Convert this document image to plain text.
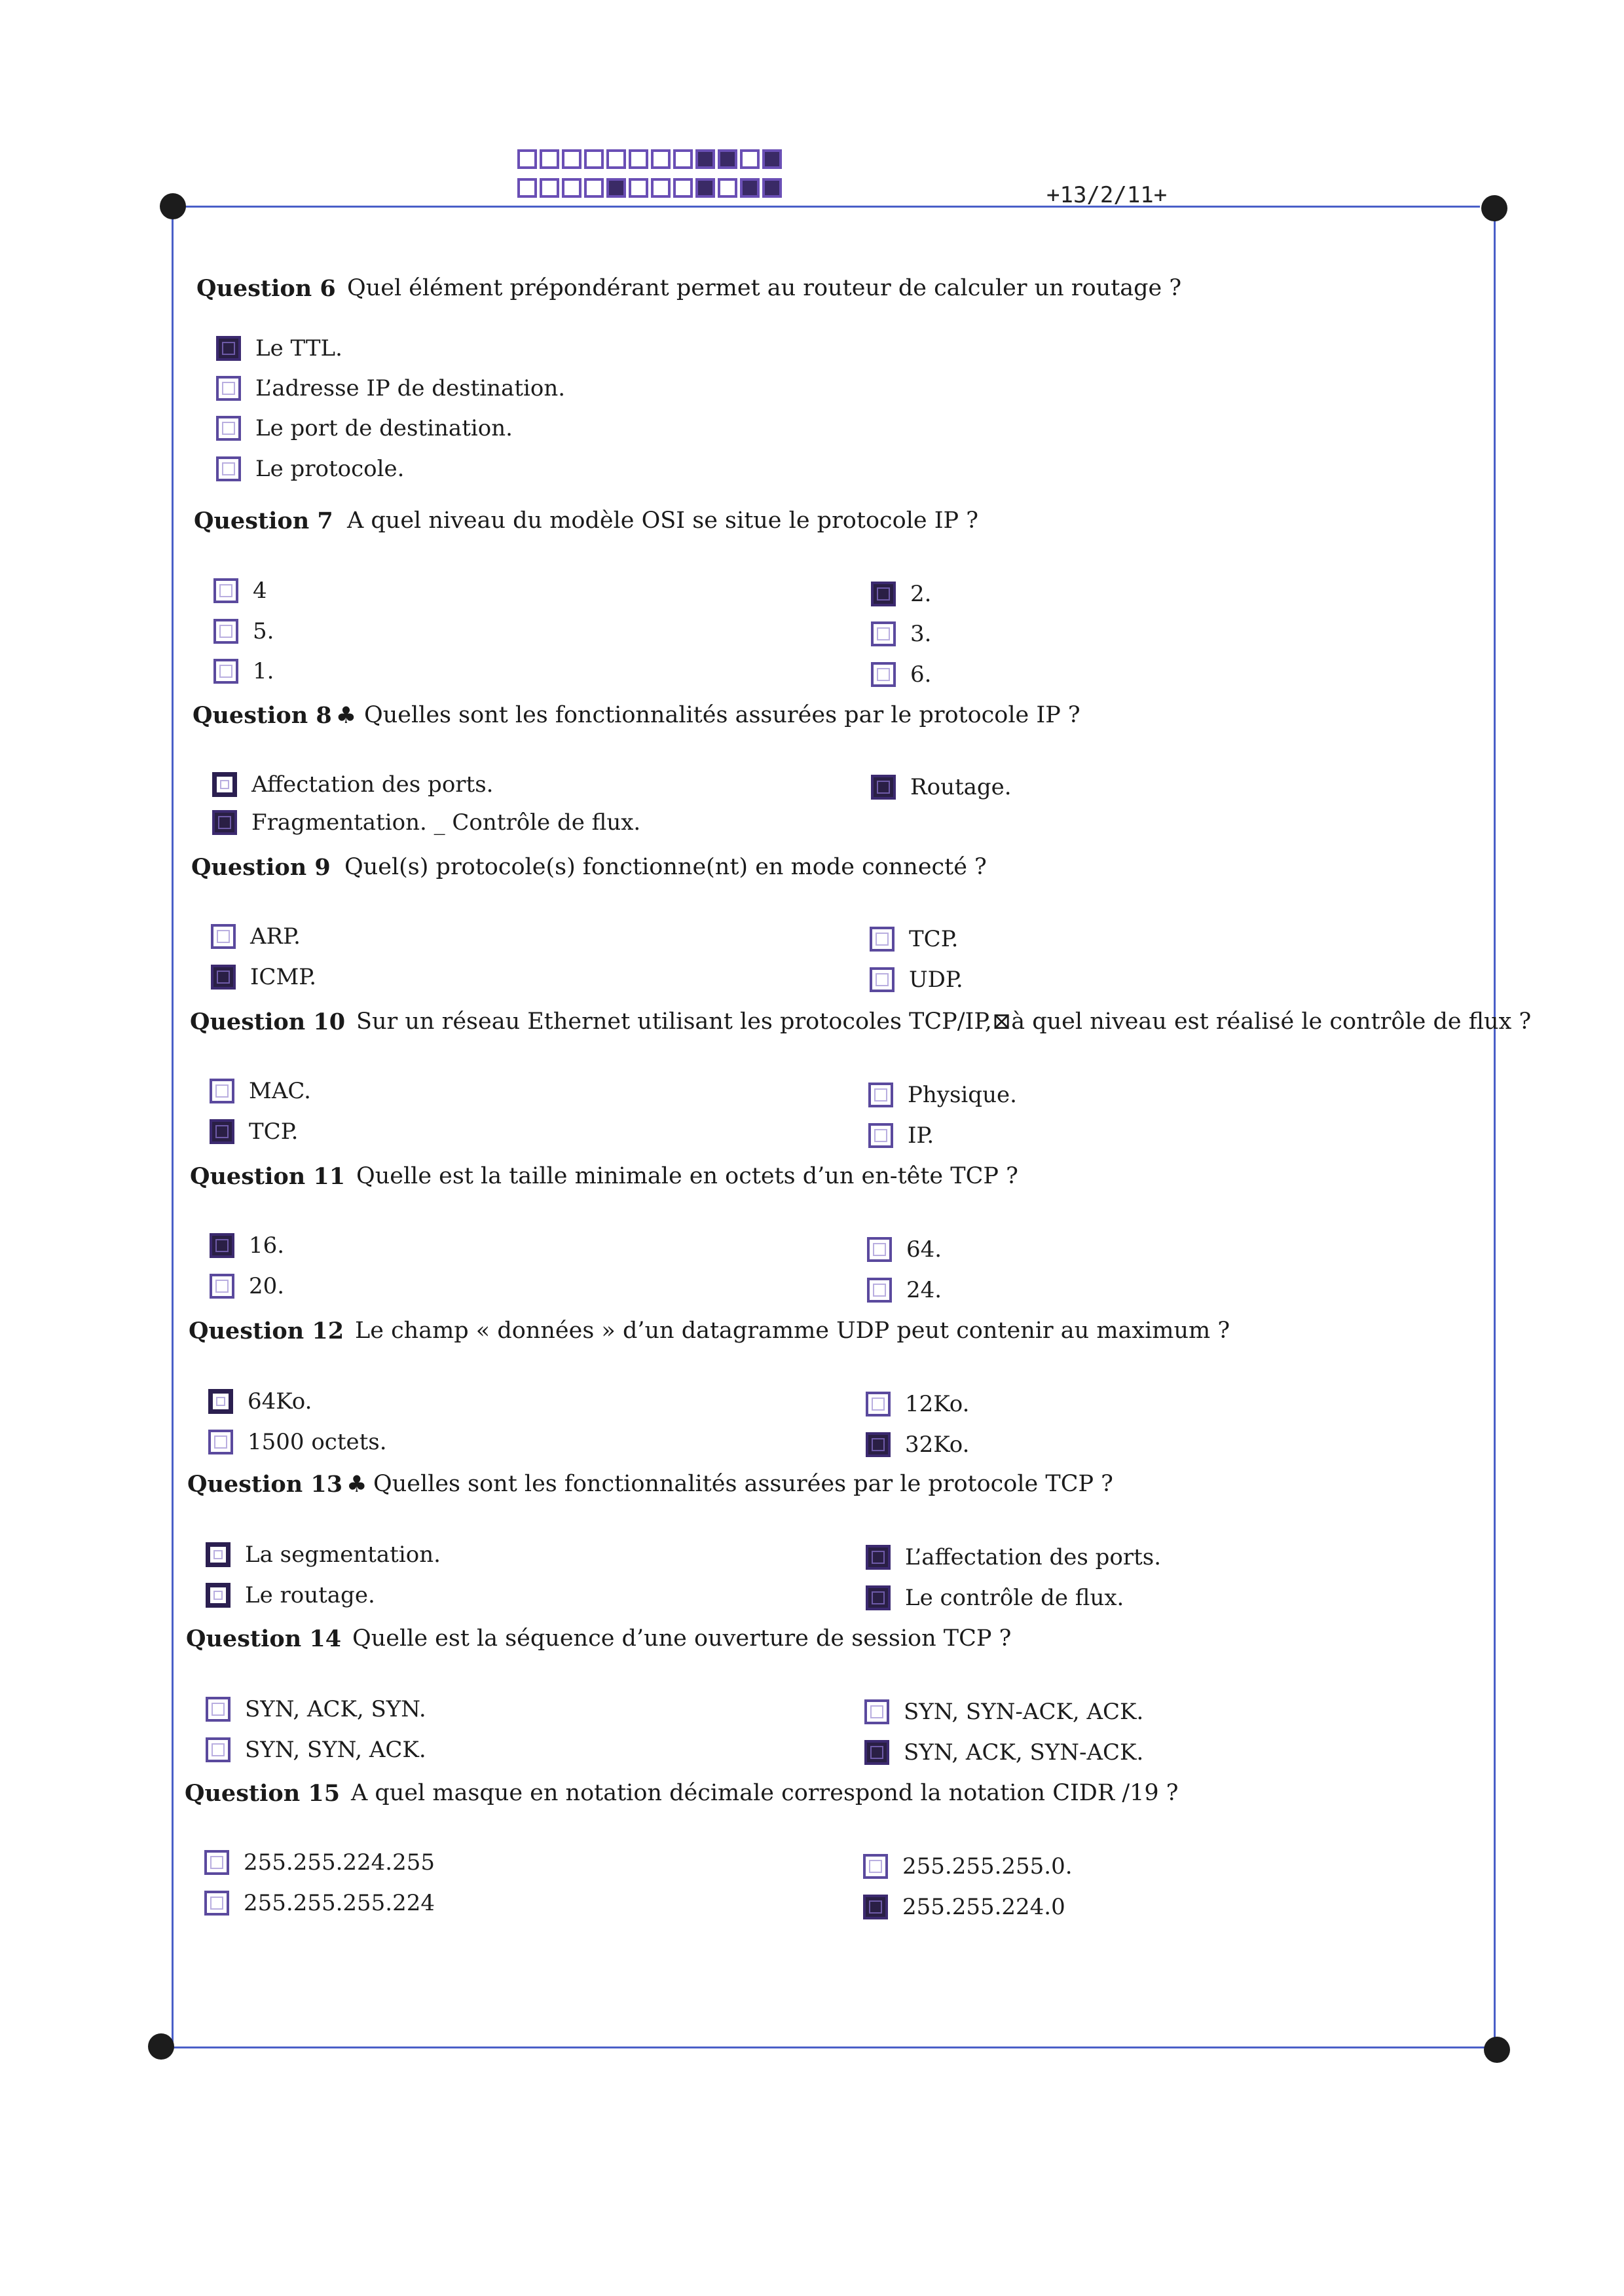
+13/2/11+
Question 6 Quel élément prépondérant permet au routeur de calculer un routage ?
Le TTL.
L’adresse IP de destination.
Le port de destination.
Le protocole.
Question 7 A quel niveau du modèle OSI se situe le protocole IP ?
4
5.
1.
2.
3.
6.
Question 8 ♣ Quelles sont les fonctionnalités assurées par le protocole IP ?
Affectation des ports.
Fragmentation. _ Contrôle de flux.
Routage.
Question 9 Quel(s) protocole(s) fonctionne(nt) en mode connecté ?
ARP.
ICMP.
TCP.
UDP.
Question 10 Sur un réseau Ethernet utilisant les protocoles TCP/IP,⊠à quel niveau est réalisé le contrôle de flux ?
MAC.
TCP.
Physique.
IP.
Question 11 Quelle est la taille minimale en octets d’un en-tête TCP ?
16.
20.
64.
24.
Question 12 Le champ « données » d’un datagramme UDP peut contenir au maximum ?
64Ko.
1500 octets.
12Ko.
32Ko.
Question 13 ♣ Quelles sont les fonctionnalités assurées par le protocole TCP ?
La segmentation.
Le routage.
L’affectation des ports.
Le contrôle de flux.
Question 14 Quelle est la séquence d’une ouverture de session TCP ?
SYN, ACK, SYN.
SYN, SYN, ACK.
SYN, SYN-ACK, ACK.
SYN, ACK, SYN-ACK.
Question 15 A quel masque en notation décimale correspond la notation CIDR /19 ?
255.255.224.255
255.255.255.224
255.255.255.0.
255.255.224.0
